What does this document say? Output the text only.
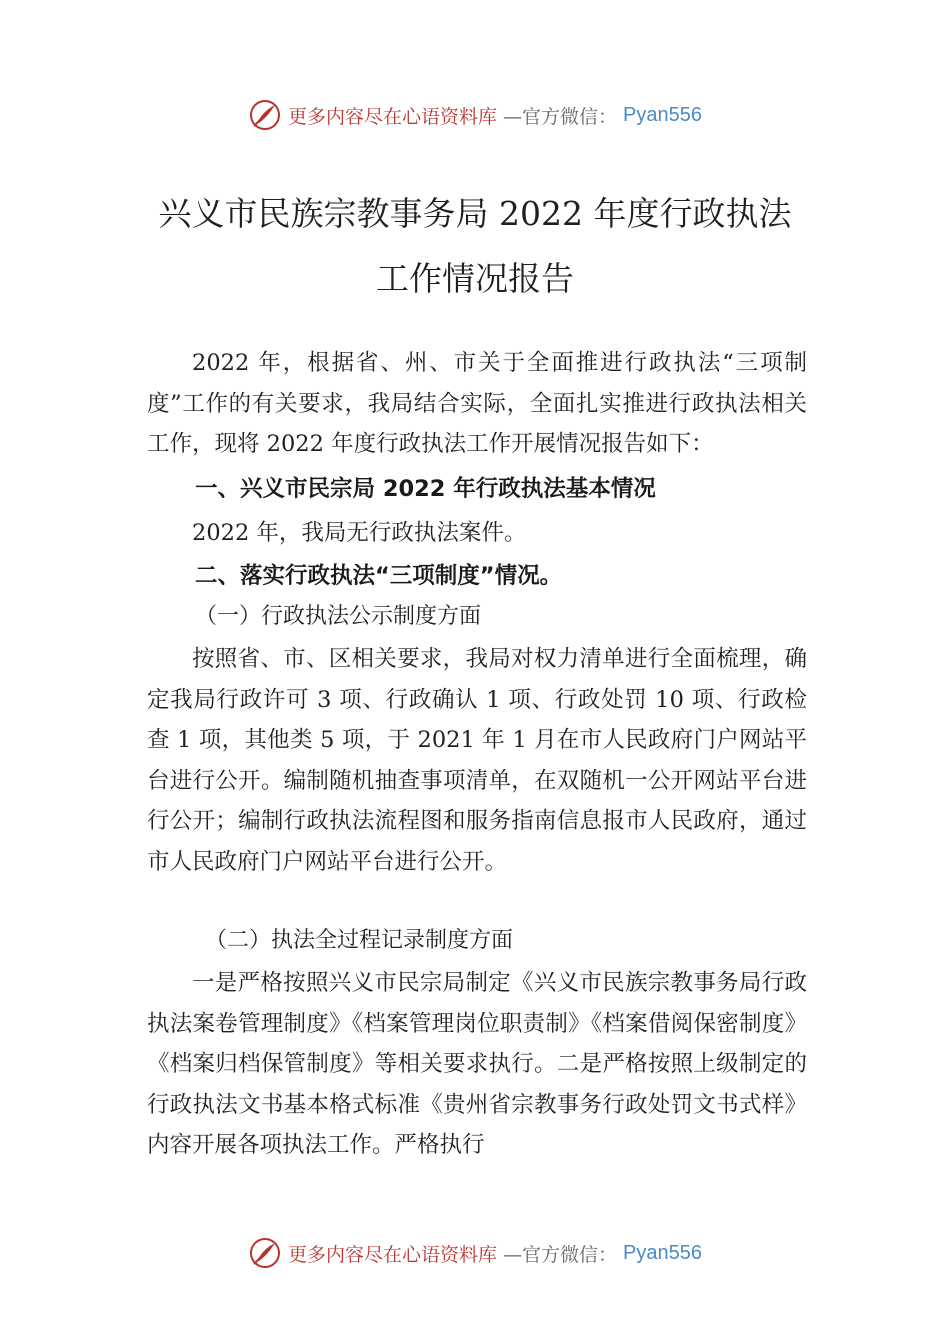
更多内容尽在心语资料库 —官方微信： Pyan556
兴义市民族宗教事务局 2022 年度行政执法
工作情况报告
2022 年，根据省、州、市关于全面推进行政执法“三项制度”工作的有关要求，我局结合实际，全面扎实推进行政执法相关工作，现将 2022 年度行政执法工作开展情况报告如下：
一、兴义市民宗局 2022 年行政执法基本情况
2022 年，我局无行政执法案件。
二、落实行政执法“三项制度”情况。
（一）行政执法公示制度方面
按照省、市、区相关要求，我局对权力清单进行全面梳理，确定我局行政许可 3 项、行政确认 1 项、行政处罚 10 项、行政检查 1 项，其他类 5 项，于 2021 年 1 月在市人民政府门户网站平台进行公开。编制随机抽查事项清单，在双随机一公开网站平台进行公开；编制行政执法流程图和服务指南信息报市人民政府，通过市人民政府门户网站平台进行公开。
（二）执法全过程记录制度方面
一是严格按照兴义市民宗局制定《兴义市民族宗教事务局行政执法案卷管理制度》《档案管理岗位职责制》《档案借阅保密制度》《档案归档保管制度》等相关要求执行。二是严格按照上级制定的行政执法文书基本格式标准《贵州省宗教事务行政处罚文书式样》内容开展各项执法工作。严格执行
更多内容尽在心语资料库 —官方微信： Pyan556
